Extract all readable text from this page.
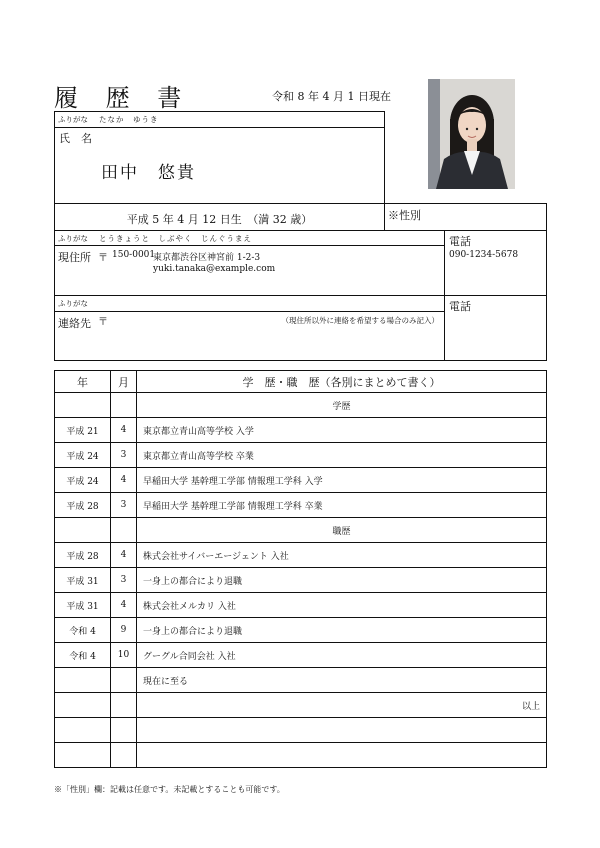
履 歴 書	令和 8 年 4 月 1 日現在
ふりがな たなか　ゆうき
氏　名
田中　悠貴
平成 5 年 4 月 12 日生　（満 32 歳）	※性別
ふりがな とうきょうと　しぶやく　じんぐうまえ
現住所 〒 150-0001
東京都渋谷区神宮前 1-2-3
yuki.tanaka@example.com
電話
090-1234-5678
ふりがな
連絡先 〒	（現住所以外に連絡を希望する場合のみ記入）
電話
年	月	学　歴・職　歴（各別にまとめて書く）
		学歴
平成 21	4	東京都立青山高等学校 入学
平成 24	3	東京都立青山高等学校 卒業
平成 24	4	早稲田大学 基幹理工学部 情報理工学科 入学
平成 28	3	早稲田大学 基幹理工学部 情報理工学科 卒業
		職歴
平成 28	4	株式会社サイバーエージェント 入社
平成 31	3	一身上の都合により退職
平成 31	4	株式会社メルカリ 入社
令和 4	9	一身上の都合により退職
令和 4	10	グーグル合同会社 入社
		現在に至る
		以上

※「性別」欄：記載は任意です。未記載とすることも可能です。
